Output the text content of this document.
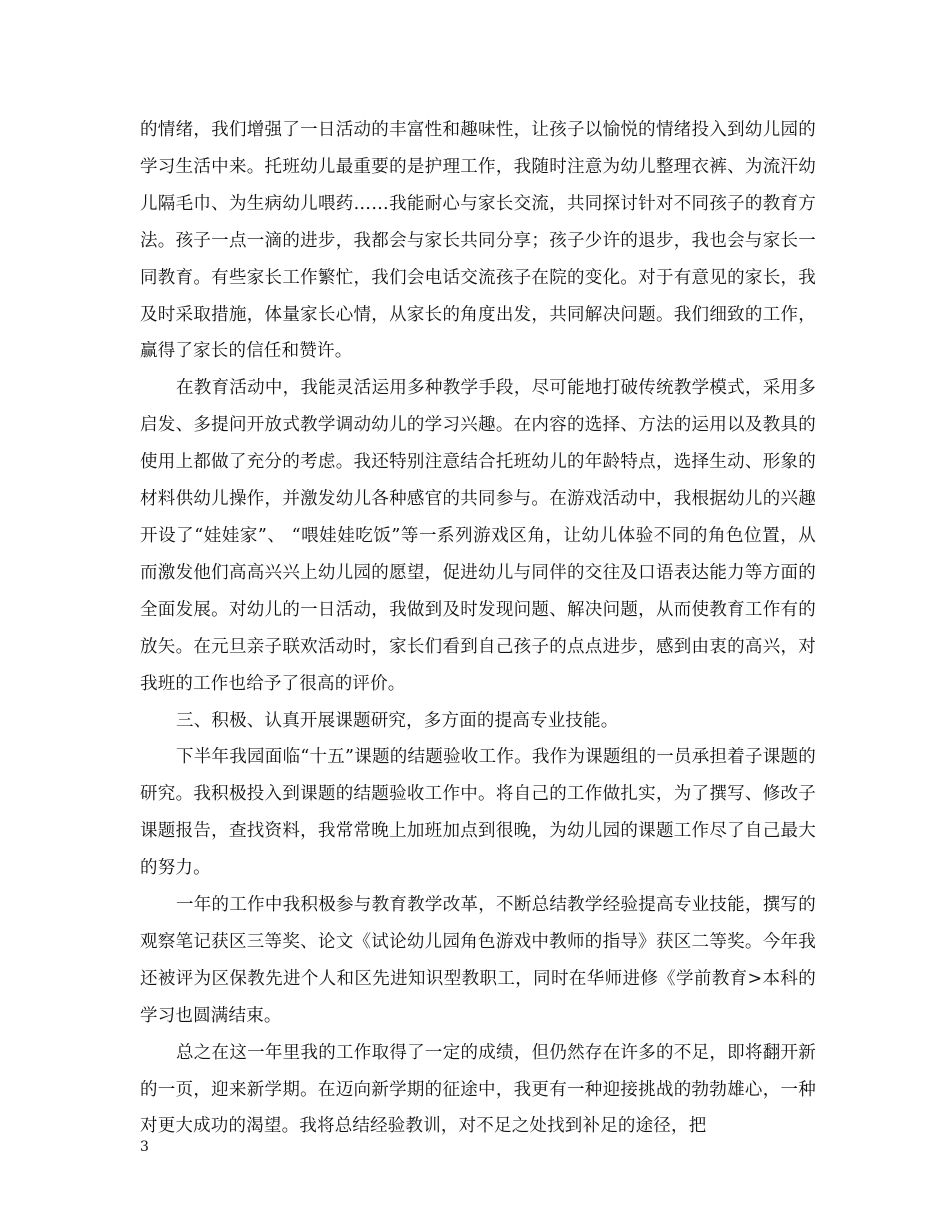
的情绪，我们增强了一日活动的丰富性和趣味性，让孩子以愉悦的情绪投入到幼儿园的学习生活中来。托班幼儿最重要的是护理工作，我随时注意为幼儿整理衣裤、为流汗幼儿隔毛巾、为生病幼儿喂药……我能耐心与家长交流，共同探讨针对不同孩子的教育方法。孩子一点一滴的进步，我都会与家长共同分享；孩子少许的退步，我也会与家长一同教育。有些家长工作繁忙，我们会电话交流孩子在院的变化。对于有意见的家长，我及时采取措施，体量家长心情，从家长的角度出发，共同解决问题。我们细致的工作，赢得了家长的信任和赞许。

在教育活动中，我能灵活运用多种教学手段，尽可能地打破传统教学模式，采用多启发、多提问开放式教学调动幼儿的学习兴趣。在内容的选择、方法的运用以及教具的使用上都做了充分的考虑。我还特别注意结合托班幼儿的年龄特点，选择生动、形象的材料供幼儿操作，并激发幼儿各种感官的共同参与。在游戏活动中，我根据幼儿的兴趣开设了“娃娃家”、 “喂娃娃吃饭”等一系列游戏区角，让幼儿体验不同的角色位置，从而激发他们高高兴兴上幼儿园的愿望，促进幼儿与同伴的交往及口语表达能力等方面的全面发展。对幼儿的一日活动，我做到及时发现问题、解决问题，从而使教育工作有的放矢。在元旦亲子联欢活动时，家长们看到自己孩子的点点进步，感到由衷的高兴，对我班的工作也给予了很高的评价。

三、积极、认真开展课题研究，多方面的提高专业技能。

下半年我园面临“十五”课题的结题验收工作。我作为课题组的一员承担着子课题的研究。我积极投入到课题的结题验收工作中。将自己的工作做扎实，为了撰写、修改子课题报告，查找资料，我常常晚上加班加点到很晚，为幼儿园的课题工作尽了自己最大的努力。

一年的工作中我积极参与教育教学改革，不断总结教学经验提高专业技能，撰写的观察笔记获区三等奖、论文《试论幼儿园角色游戏中教师的指导》获区二等奖。今年我还被评为区保教先进个人和区先进知识型教职工，同时在华师进修《学前教育>本科的学习也圆满结束。

总之在这一年里我的工作取得了一定的成绩，但仍然存在许多的不足，即将翻开新的一页，迎来新学期。在迈向新学期的征途中，我更有一种迎接挑战的勃勃雄心，一种对更大成功的渴望。我将总结经验教训，对不足之处找到补足的途径，把

3
